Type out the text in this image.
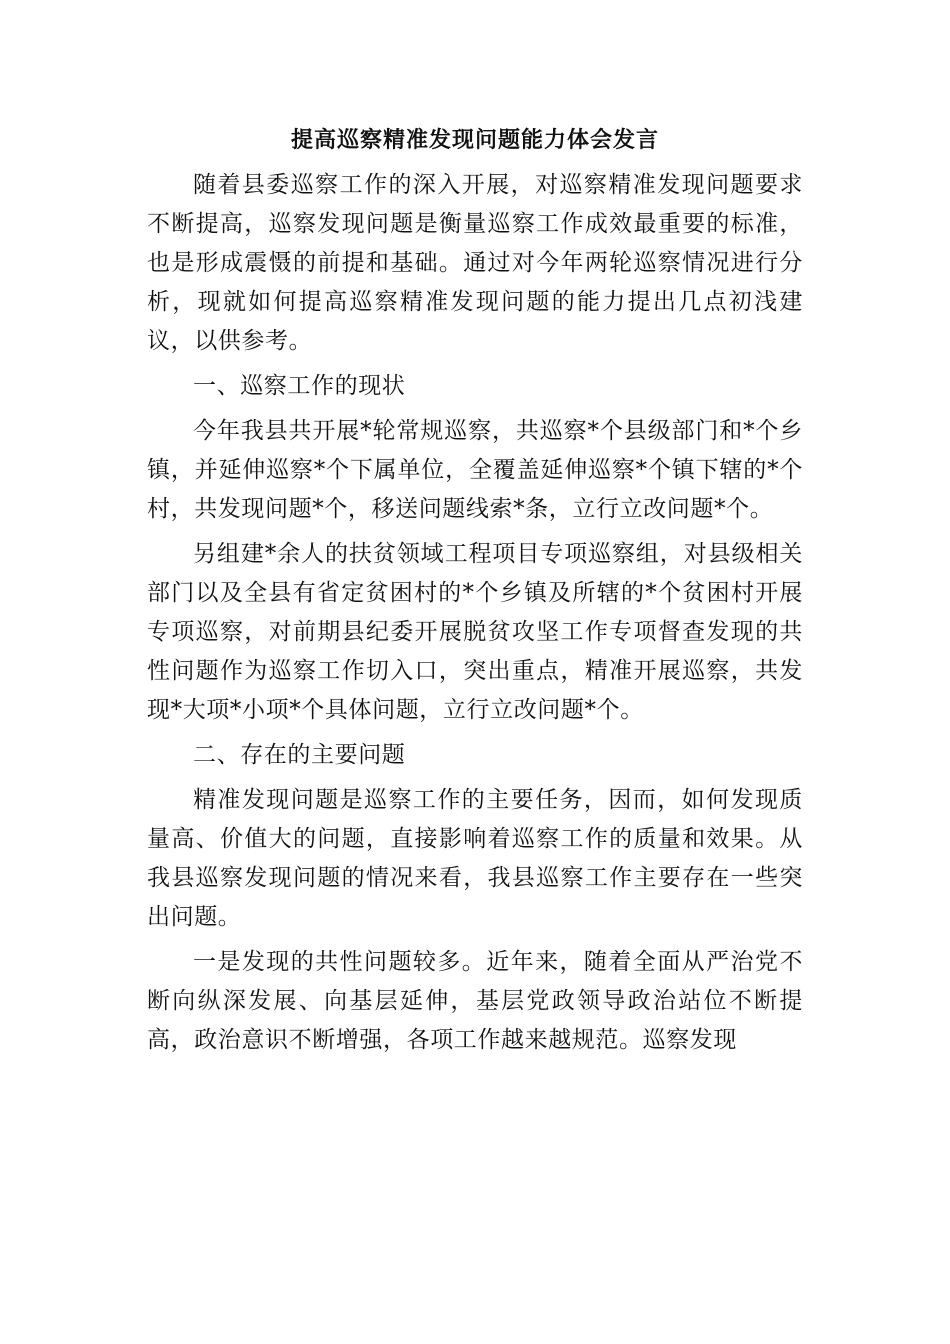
提高巡察精准发现问题能力体会发言

随着县委巡察工作的深入开展，对巡察精准发现问题要求不断提高，巡察发现问题是衡量巡察工作成效最重要的标准，也是形成震慑的前提和基础。通过对今年两轮巡察情况进行分析，现就如何提高巡察精准发现问题的能力提出几点初浅建议，以供参考。

一、巡察工作的现状

今年我县共开展*轮常规巡察，共巡察*个县级部门和*个乡镇，并延伸巡察*个下属单位，全覆盖延伸巡察*个镇下辖的*个村，共发现问题*个，移送问题线索*条，立行立改问题*个。

另组建*余人的扶贫领域工程项目专项巡察组，对县级相关部门以及全县有省定贫困村的*个乡镇及所辖的*个贫困村开展专项巡察，对前期县纪委开展脱贫攻坚工作专项督查发现的共性问题作为巡察工作切入口，突出重点，精准开展巡察，共发现*大项*小项*个具体问题，立行立改问题*个。

二、存在的主要问题

精准发现问题是巡察工作的主要任务，因而，如何发现质量高、价值大的问题，直接影响着巡察工作的质量和效果。从我县巡察发现问题的情况来看，我县巡察工作主要存在一些突出问题。

一是发现的共性问题较多。近年来，随着全面从严治党不断向纵深发展、向基层延伸，基层党政领导政治站位不断提高，政治意识不断增强，各项工作越来越规范。巡察发现
